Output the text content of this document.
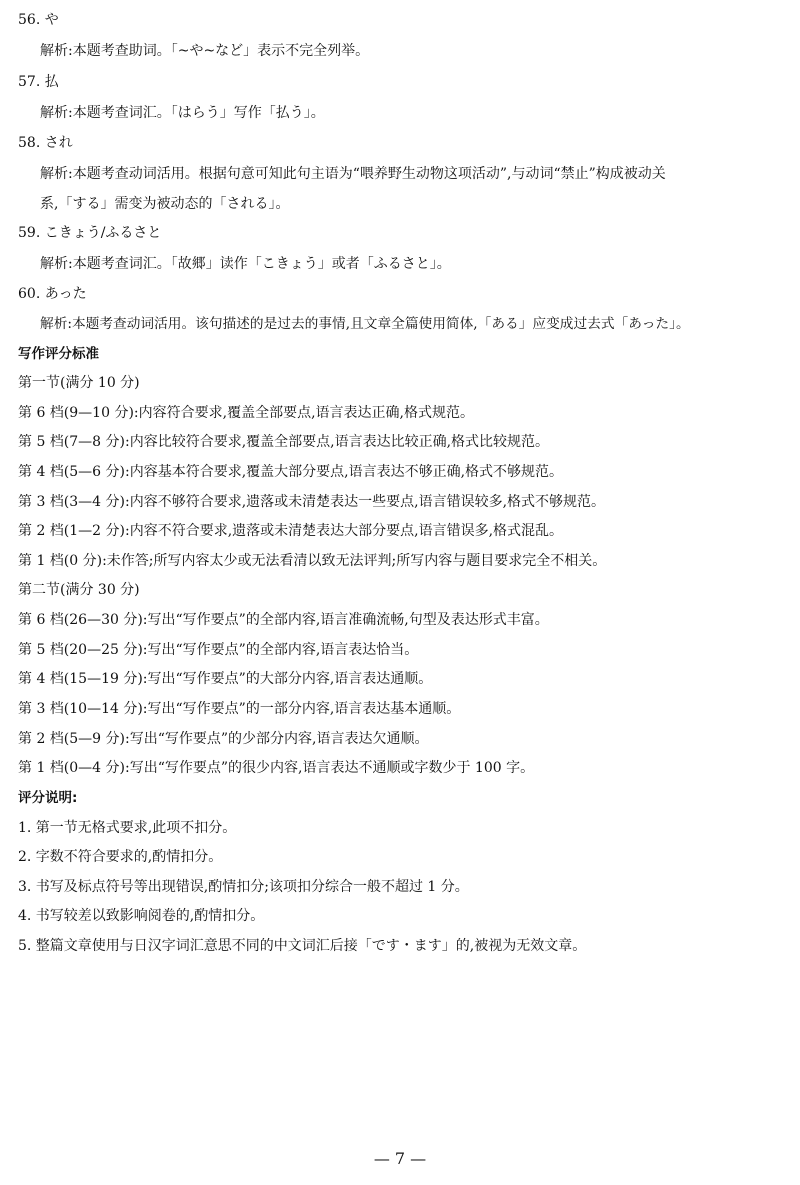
56. や
解析:本题考查助词。「~や~など」表示不完全列举。
57. 払
解析:本题考查词汇。「はらう」写作「払う」。
58. され
解析:本题考查动词活用。根据句意可知此句主语为“喂养野生动物这项活动”,与动词“禁止”构成被动关
系,「する」需变为被动态的「される」。
59. こきょう/ふるさと
解析:本题考查词汇。「故郷」读作「こきょう」或者「ふるさと」。
60. あった
解析:本题考查动词活用。该句描述的是过去的事情,且文章全篇使用简体,「ある」应变成过去式「あった」。
写作评分标准
第一节(满分 10 分)
第 6 档(9—10 分):内容符合要求,覆盖全部要点,语言表达正确,格式规范。
第 5 档(7—8 分):内容比较符合要求,覆盖全部要点,语言表达比较正确,格式比较规范。
第 4 档(5—6 分):内容基本符合要求,覆盖大部分要点,语言表达不够正确,格式不够规范。
第 3 档(3—4 分):内容不够符合要求,遗落或未清楚表达一些要点,语言错误较多,格式不够规范。
第 2 档(1—2 分):内容不符合要求,遗落或未清楚表达大部分要点,语言错误多,格式混乱。
第 1 档(0 分):未作答;所写内容太少或无法看清以致无法评判;所写内容与题目要求完全不相关。
第二节(满分 30 分)
第 6 档(26—30 分):写出“写作要点”的全部内容,语言准确流畅,句型及表达形式丰富。
第 5 档(20—25 分):写出“写作要点”的全部内容,语言表达恰当。
第 4 档(15—19 分):写出“写作要点”的大部分内容,语言表达通顺。
第 3 档(10—14 分):写出“写作要点”的一部分内容,语言表达基本通顺。
第 2 档(5—9 分):写出“写作要点”的少部分内容,语言表达欠通顺。
第 1 档(0—4 分):写出“写作要点”的很少内容,语言表达不通顺或字数少于 100 字。
评分说明:
1. 第一节无格式要求,此项不扣分。
2. 字数不符合要求的,酌情扣分。
3. 书写及标点符号等出现错误,酌情扣分;该项扣分综合一般不超过 1 分。
4. 书写较差以致影响阅卷的,酌情扣分。
5. 整篇文章使用与日汉字词汇意思不同的中文词汇后接「です・ます」的,被视为无效文章。
— 7 —
